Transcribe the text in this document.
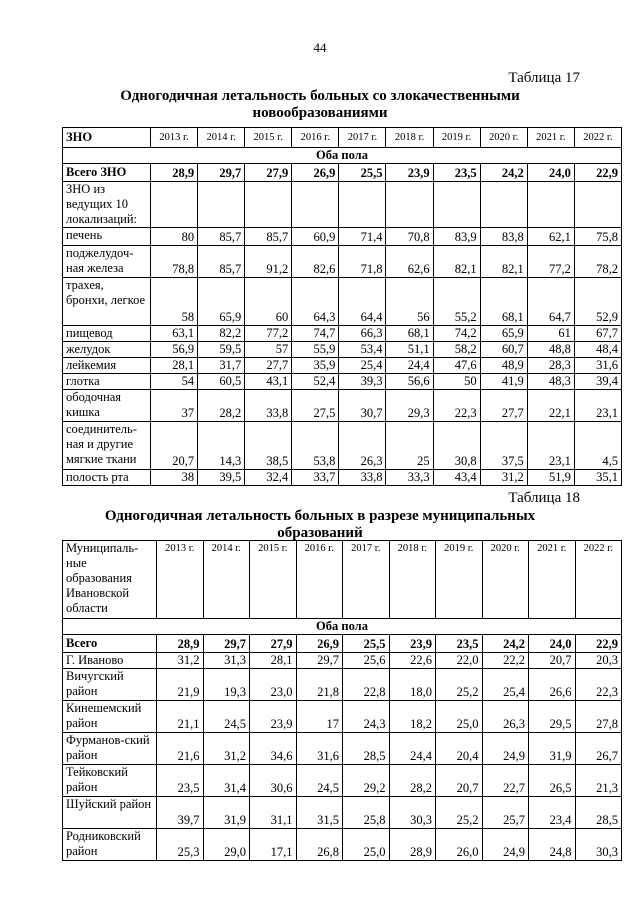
44
Таблица 17
Одногодичная летальность больных со злокачественными
новообразованиями
ЗНО	2013 г.	2014 г.	2015 г.	2016 г.	2017 г.	2018 г.	2019 г.	2020 г.	2021 г.	2022 г.
Оба пола										
Всего ЗНО	28,9	29,7	27,9	26,9	25,5	23,9	23,5	24,2	24,0	22,9
ЗНО из ведущих 10 локализаций:										
печень	80	85,7	85,7	60,9	71,4	70,8	83,9	83,8	62,1	75,8
поджелудоч-ная железа	78,8	85,7	91,2	82,6	71,8	62,6	82,1	82,1	77,2	78,2
трахея, бронхи, легкое	58	65,9	60	64,3	64,4	56	55,2	68,1	64,7	52,9
пищевод	63,1	82,2	77,2	74,7	66,3	68,1	74,2	65,9	61	67,7
желудок	56,9	59,5	57	55,9	53,4	51,1	58,2	60,7	48,8	48,4
лейкемия	28,1	31,7	27,7	35,9	25,4	24,4	47,6	48,9	28,3	31,6
глотка	54	60,5	43,1	52,4	39,3	56,6	50	41,9	48,3	39,4
ободочная кишка	37	28,2	33,8	27,5	30,7	29,3	22,3	27,7	22,1	23,1
соединитель-ная и другие мягкие ткани	20,7	14,3	38,5	53,8	26,3	25	30,8	37,5	23,1	4,5
полость рта	38	39,5	32,4	33,7	33,8	33,3	43,4	31,2	51,9	35,1
Таблица 18
Одногодичная летальность больных в разрезе муниципальных
образований
Муниципаль-ные образования Ивановской области	2013 г.	2014 г.	2015 г.	2016 г.	2017 г.	2018 г.	2019 г.	2020 г.	2021 г.	2022 г.
Оба пола										
Всего	28,9	29,7	27,9	26,9	25,5	23,9	23,5	24,2	24,0	22,9
Г. Иваново	31,2	31,3	28,1	29,7	25,6	22,6	22,0	22,2	20,7	20,3
Вичугский район	21,9	19,3	23,0	21,8	22,8	18,0	25,2	25,4	26,6	22,3
Кинешемский район	21,1	24,5	23,9	17	24,3	18,2	25,0	26,3	29,5	27,8
Фурманов-ский район	21,6	31,2	34,6	31,6	28,5	24,4	20,4	24,9	31,9	26,7
Тейковский район	23,5	31,4	30,6	24,5	29,2	28,2	20,7	22,7	26,5	21,3
Шуйский район	39,7	31,9	31,1	31,5	25,8	30,3	25,2	25,7	23,4	28,5
Родниковский район	25,3	29,0	17,1	26,8	25,0	28,9	26,0	24,9	24,8	30,3
